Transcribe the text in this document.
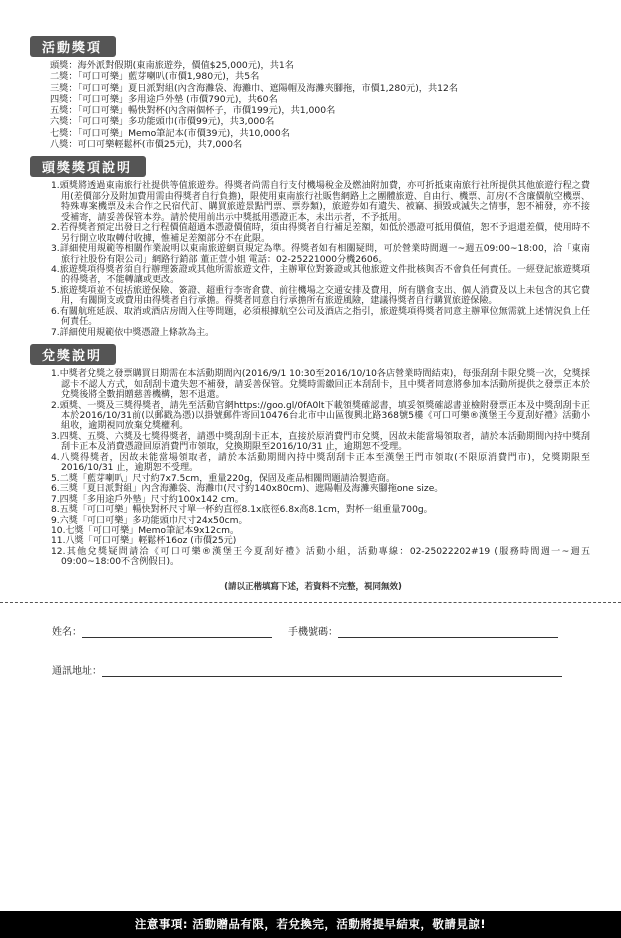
活動獎項
頭獎：海外派對假期(東南旅遊券，價值$25,000元)，共1名
二獎：「可口可樂」藍芽喇叭(市價1,980元)，共5名
三獎：「可口可樂」夏日派對組(內含海灘袋、海灘巾、遮陽帽及海灘夾腳拖，市價1,280元)，共12名
四獎：「可口可樂」多用途戶外墊 (市價790元)，共60名
五獎：「可口可樂」暢快對杯(內含兩個杯子，市價199元)，共1,000名
六獎：「可口可樂」多功能頭巾(市價99元)，共3,000名
七獎：「可口可樂」Memo筆記本(市價39元)，共10,000名
八獎：可口可樂輕鬆杯(市價25元)，共7,000名
頭獎獎項說明
1.頭獎將透過東南旅行社提供等值旅遊券。得獎者尚需自行支付機場稅金及燃油附加費，亦可折抵東南旅行社所提供其他旅遊行程之費用(差價部分及附加費用需由得獎者自行負擔)，限使用東南旅行社販售網路上之團體旅遊、自由行、機票、訂房(不含廉價航空機票、特殊專案機票及未合作之民宿代訂、購買旅遊景點門票、票券類)，旅遊券如有遺失、被竊、損毀或滅失之情事，恕不補發，亦不接受補寄，請妥善保管本券。請於使用前出示中獎抵用憑證正本，未出示者，不予抵用。
2.若得獎者預定出發日之行程價值超過本憑證價值時，須由得獎者自行補足差額，如低於憑證可抵用價值，恕不予退還差價，使用時不另行開立收取轉付收據，惟補足差額部分不在此限。
3.詳細使用規範等相關作業說明以東南旅遊網頁規定為準。得獎者如有相關疑問，可於營業時間週一~週五09:00~18:00，洽「東南旅行社股份有限公司」網路行銷部 董正萱小姐 電話：02-25221000分機2606。
4.旅遊獎項得獎者須自行辦理簽證或其他所需旅遊文件，主辦單位對簽證或其他旅遊文件批核與否不會負任何責任。一經登記旅遊獎項的得獎者，不能轉讓或更改。
5.旅遊獎項並不包括旅遊保險、簽證、超重行李寄倉費、前往機場之交通安排及費用，所有膳食支出、個人消費及以上未包含的其它費用，有關開支或費用由得獎者自行承擔。得獎者同意自行承擔所有旅遊風險，建議得獎者自行購買旅遊保險。
6.有關航班延誤、取消或酒店房間入住等問題，必須根據航空公司及酒店之指引，旅遊獎項得獎者同意主辦單位無需就上述情況負上任何責任。
7.詳細使用規範依中獎憑證上條款為主。
兌獎說明
1.中獎者兌獎之發票購買日期需在本活動期間內(2016/9/1 10:30至2016/10/10各店營業時間結束)，每張刮刮卡限兌獎一次，兌獎採認卡不認人方式，如刮刮卡遺失恕不補發，請妥善保管。兌獎時需繳回正本刮刮卡，且中獎者同意將參加本活動所提供之發票正本於兌獎後將全數捐贈慈善機構，恕不退還。
2.頭獎、一獎及三獎得獎者，請先至活動官網https://goo.gl/0fA0lt下載領獎確認書，填妥領獎確認書並檢附發票正本及中獎刮刮卡正本於2016/10/31前(以郵戳為憑)以掛號郵件寄回10476台北市中山區復興北路368號5樓《可口可樂®漢堡王今夏刮好禮》活動小組收，逾期視同放棄兌獎權利。
3.四獎、五獎、六獎及七獎得獎者，請憑中獎刮刮卡正本，直接於原消費門市兌獎，因故未能當場領取者，請於本活動期間內持中獎刮刮卡正本及消費憑證回原消費門市領取，兌換期限至2016/10/31 止，逾期恕不受理。
4.八獎得獎者，因故未能當場領取者，請於本活動期間內持中獎刮刮卡正本至漢堡王門市領取(不限原消費門市)，兌獎期限至2016/10/31 止，逾期恕不受理。
5.二獎「藍芽喇叭」尺寸約7x7.5cm，重量220g，保固及產品相關問題請洽製造商。
6.三獎「夏日派對組」內含海灘袋、海灘巾(尺寸約140x80cm)、遮陽帽及海灘夾腳拖one size。
7.四獎「多用途戶外墊」尺寸約100x142 cm。
8.五獎「可口可樂」暢快對杯尺寸單一杯約直徑8.1x底徑6.8x高8.1cm，對杯一組重量700g。
9.六獎「可口可樂」多功能頭巾尺寸24x50cm。
10.七獎「可口可樂」Memo筆記本9x12cm。
11.八獎「可口可樂」輕鬆杯16oz (市價25元)
12.其他兌獎疑問請洽《可口可樂®漢堡王今夏刮好禮》活動小組，活動專線：02-25022202#19 (服務時間週一~週五09:00~18:00不含例假日)。
(請以正楷填寫下述，若資料不完整，視同無效)
姓名：	手機號碼：
通訊地址：
注意事項: 活動贈品有限，若兌換完，活動將提早結束，敬請見諒!
